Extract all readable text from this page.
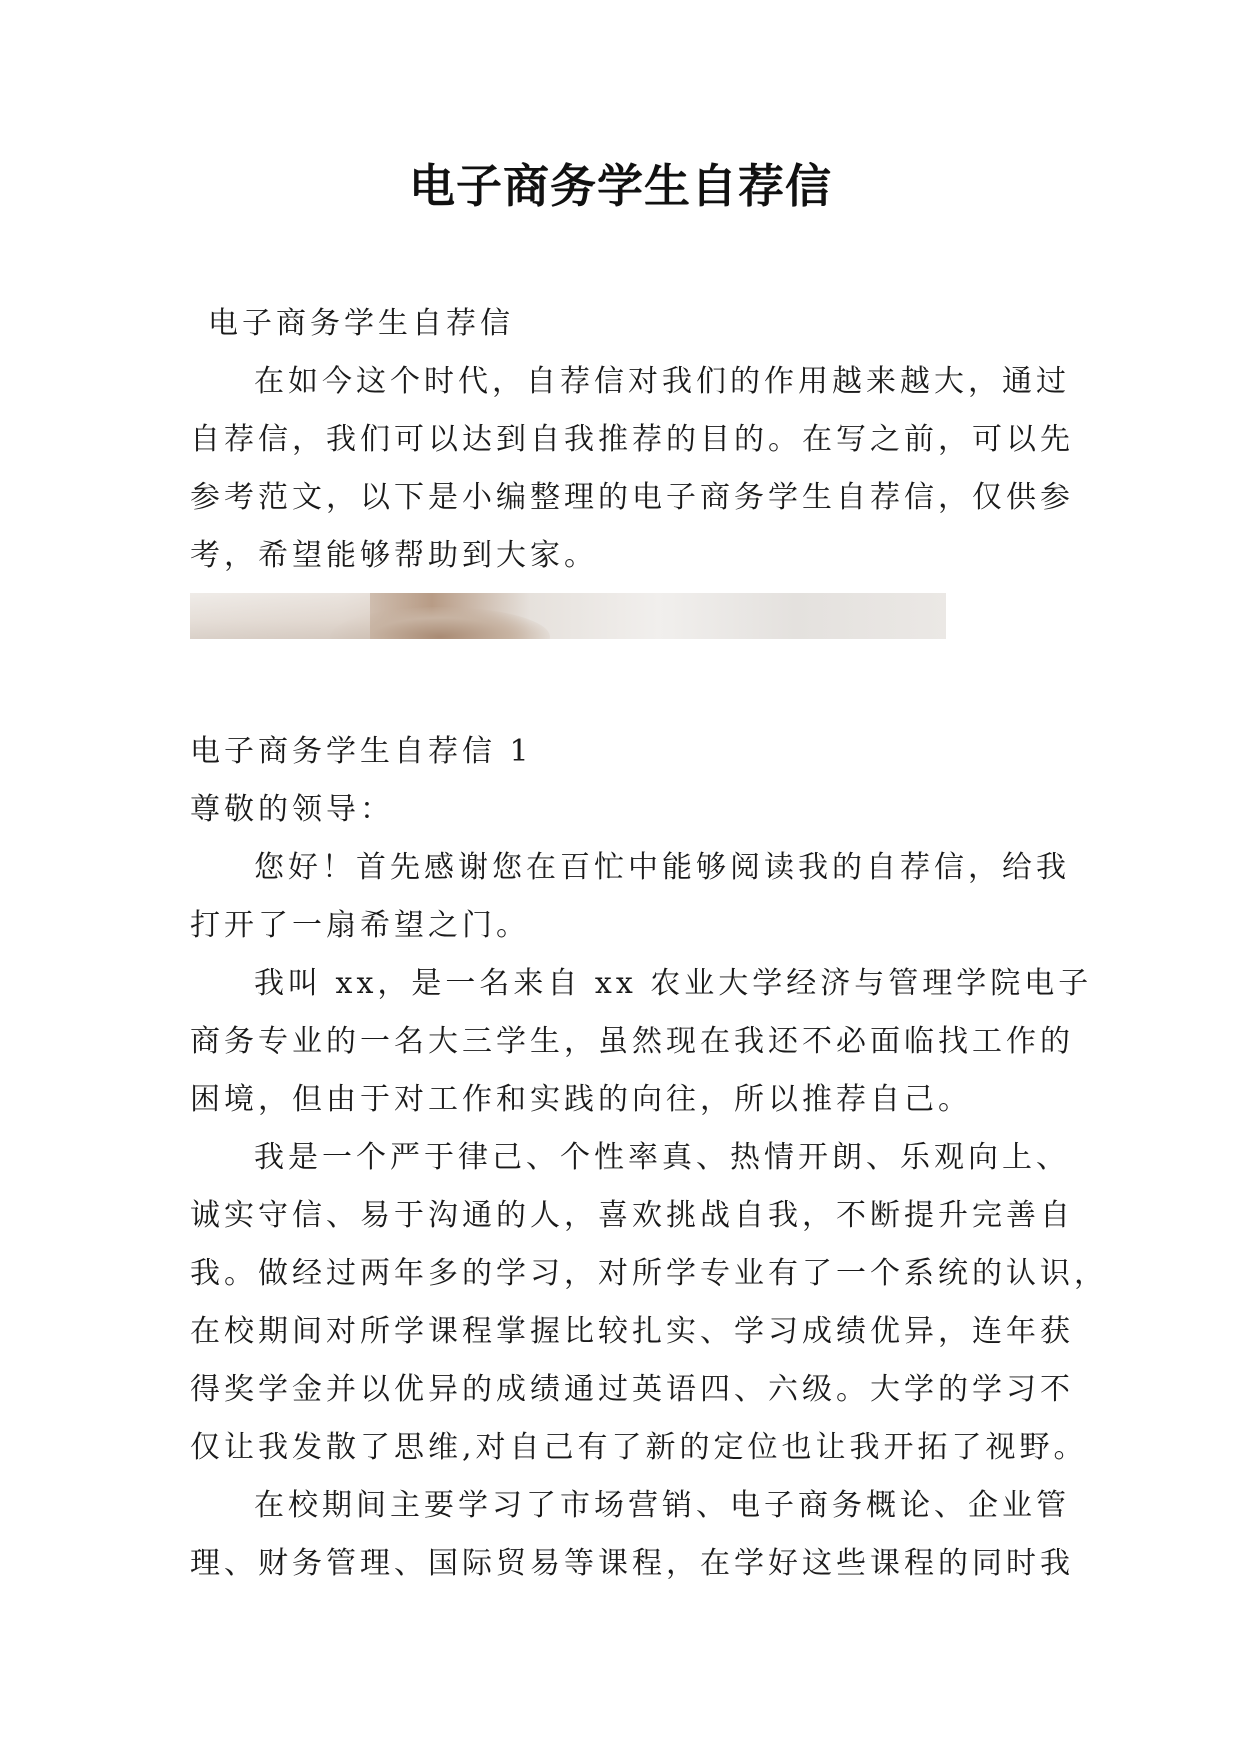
电子商务学生自荐信

电子商务学生自荐信

在如今这个时代，自荐信对我们的作用越来越大，通过

自荐信，我们可以达到自我推荐的目的。在写之前，可以先

参考范文，以下是小编整理的电子商务学生自荐信，仅供参

考，希望能够帮助到大家。

电子商务学生自荐信 1

尊敬的领导：

您好！首先感谢您在百忙中能够阅读我的自荐信，给我

打开了一扇希望之门。

我叫 xx，是一名来自 xx 农业大学经济与管理学院电子

商务专业的一名大三学生，虽然现在我还不必面临找工作的

困境，但由于对工作和实践的向往，所以推荐自己。

我是一个严于律己、个性率真、热情开朗、乐观向上、

诚实守信、易于沟通的人，喜欢挑战自我，不断提升完善自

我。做经过两年多的学习，对所学专业有了一个系统的认识，

在校期间对所学课程掌握比较扎实、学习成绩优异，连年获

得奖学金并以优异的成绩通过英语四、六级。大学的学习不

仅让我发散了思维,对自己有了新的定位也让我开拓了视野。

在校期间主要学习了市场营销、电子商务概论、企业管

理、财务管理、国际贸易等课程，在学好这些课程的同时我
